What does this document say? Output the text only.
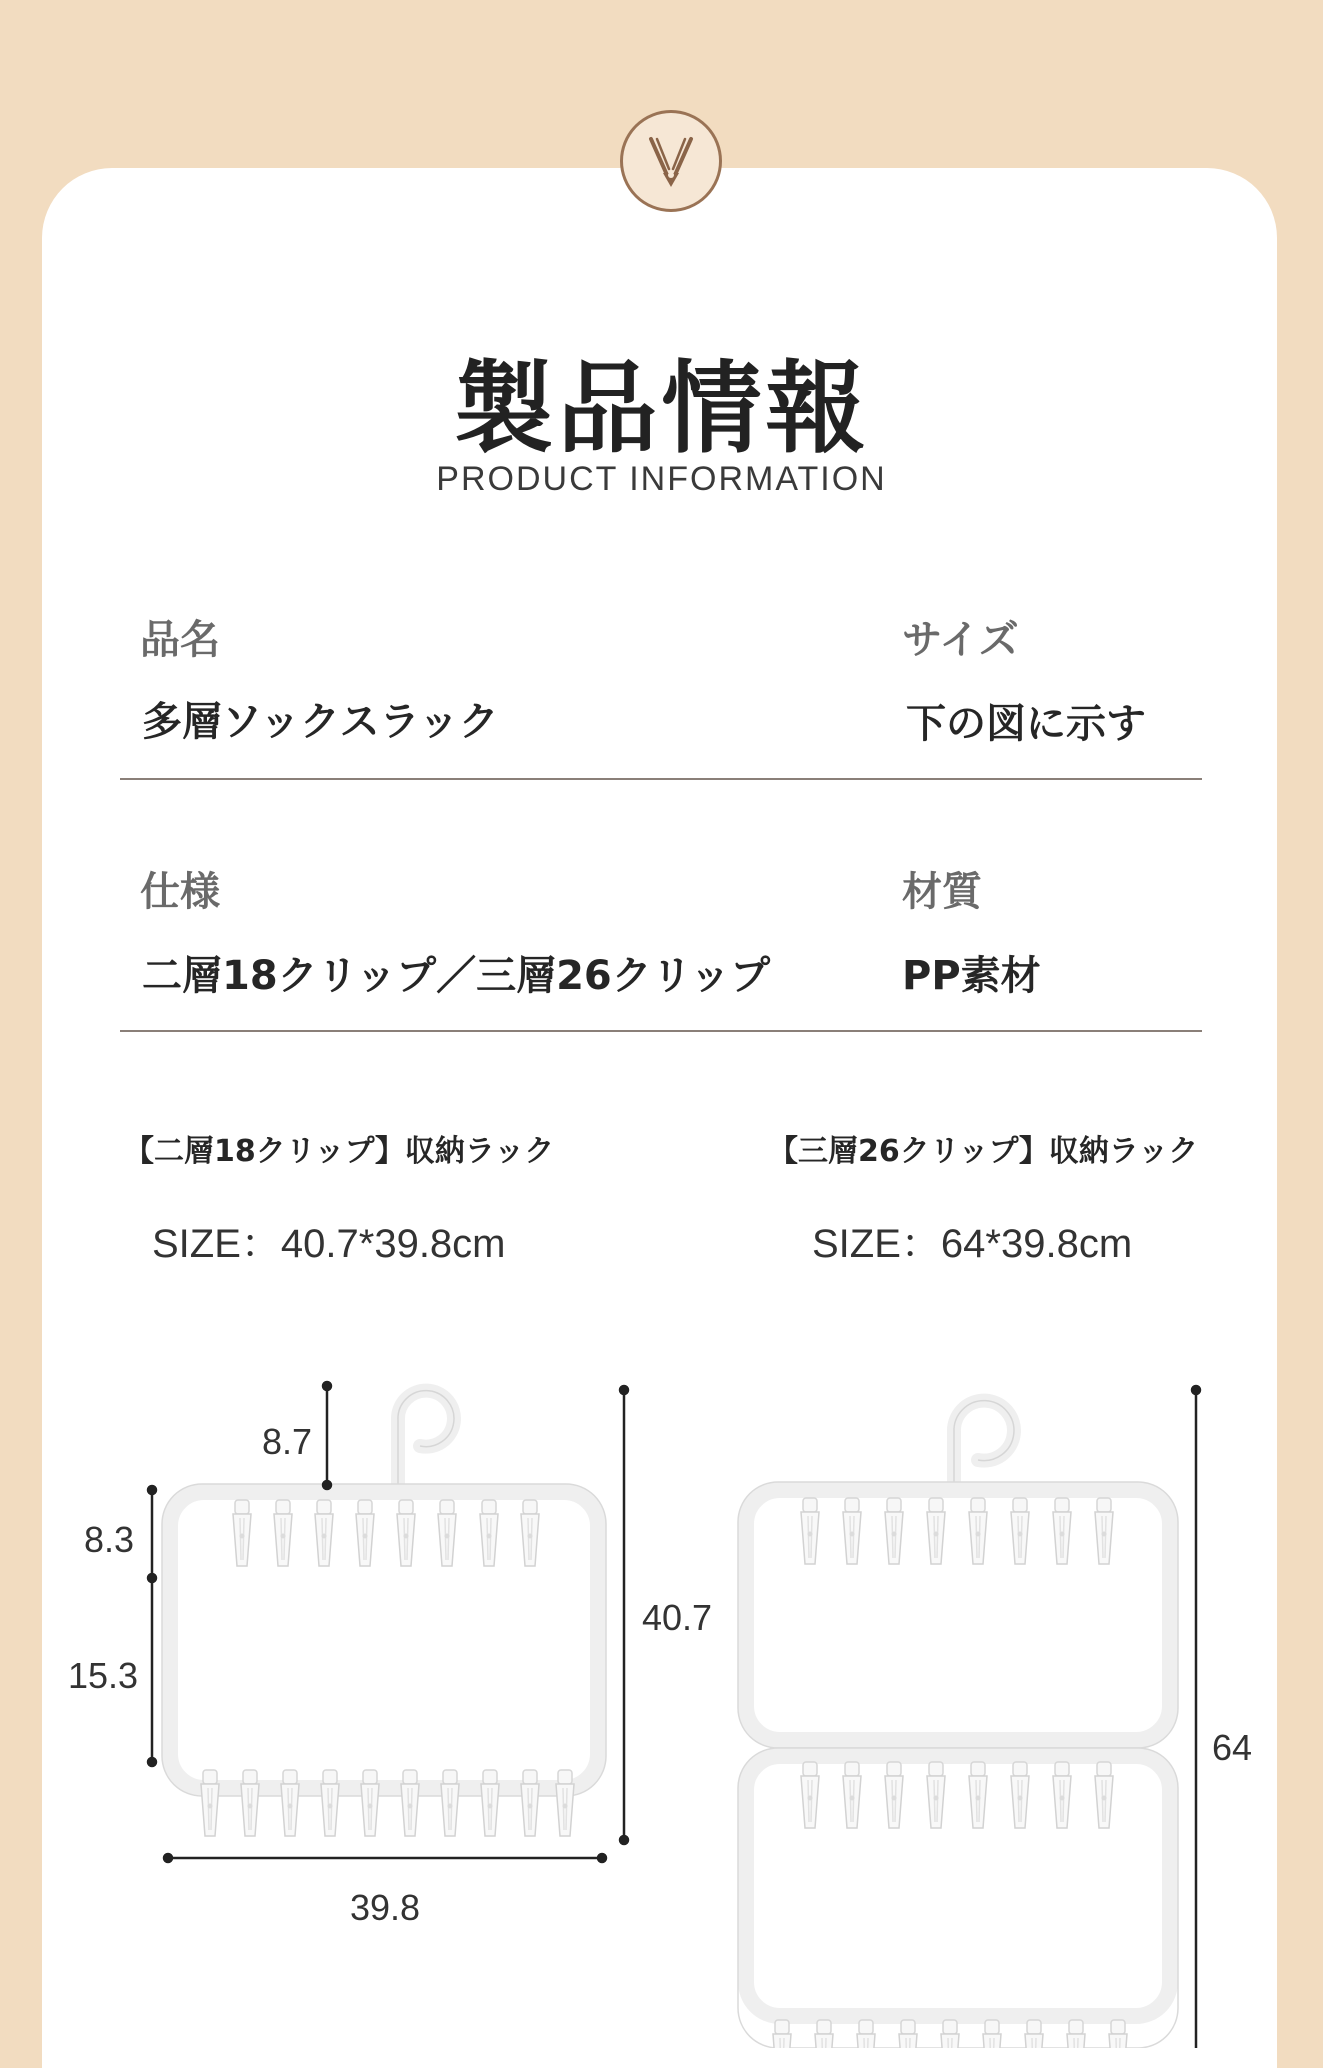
製品情報
PRODUCT INFORMATION
品名
多層ソックスラック
サイズ
下の図に示す
仕様
二層18クリップ／三層26クリップ
材質
PP素材
【二層18クリップ】収納ラック
SIZE：40.7*39.8cm
【三層26クリップ】収納ラック
SIZE：64*39.8cm
8.7
8.3
15.3
40.7
39.8
64
